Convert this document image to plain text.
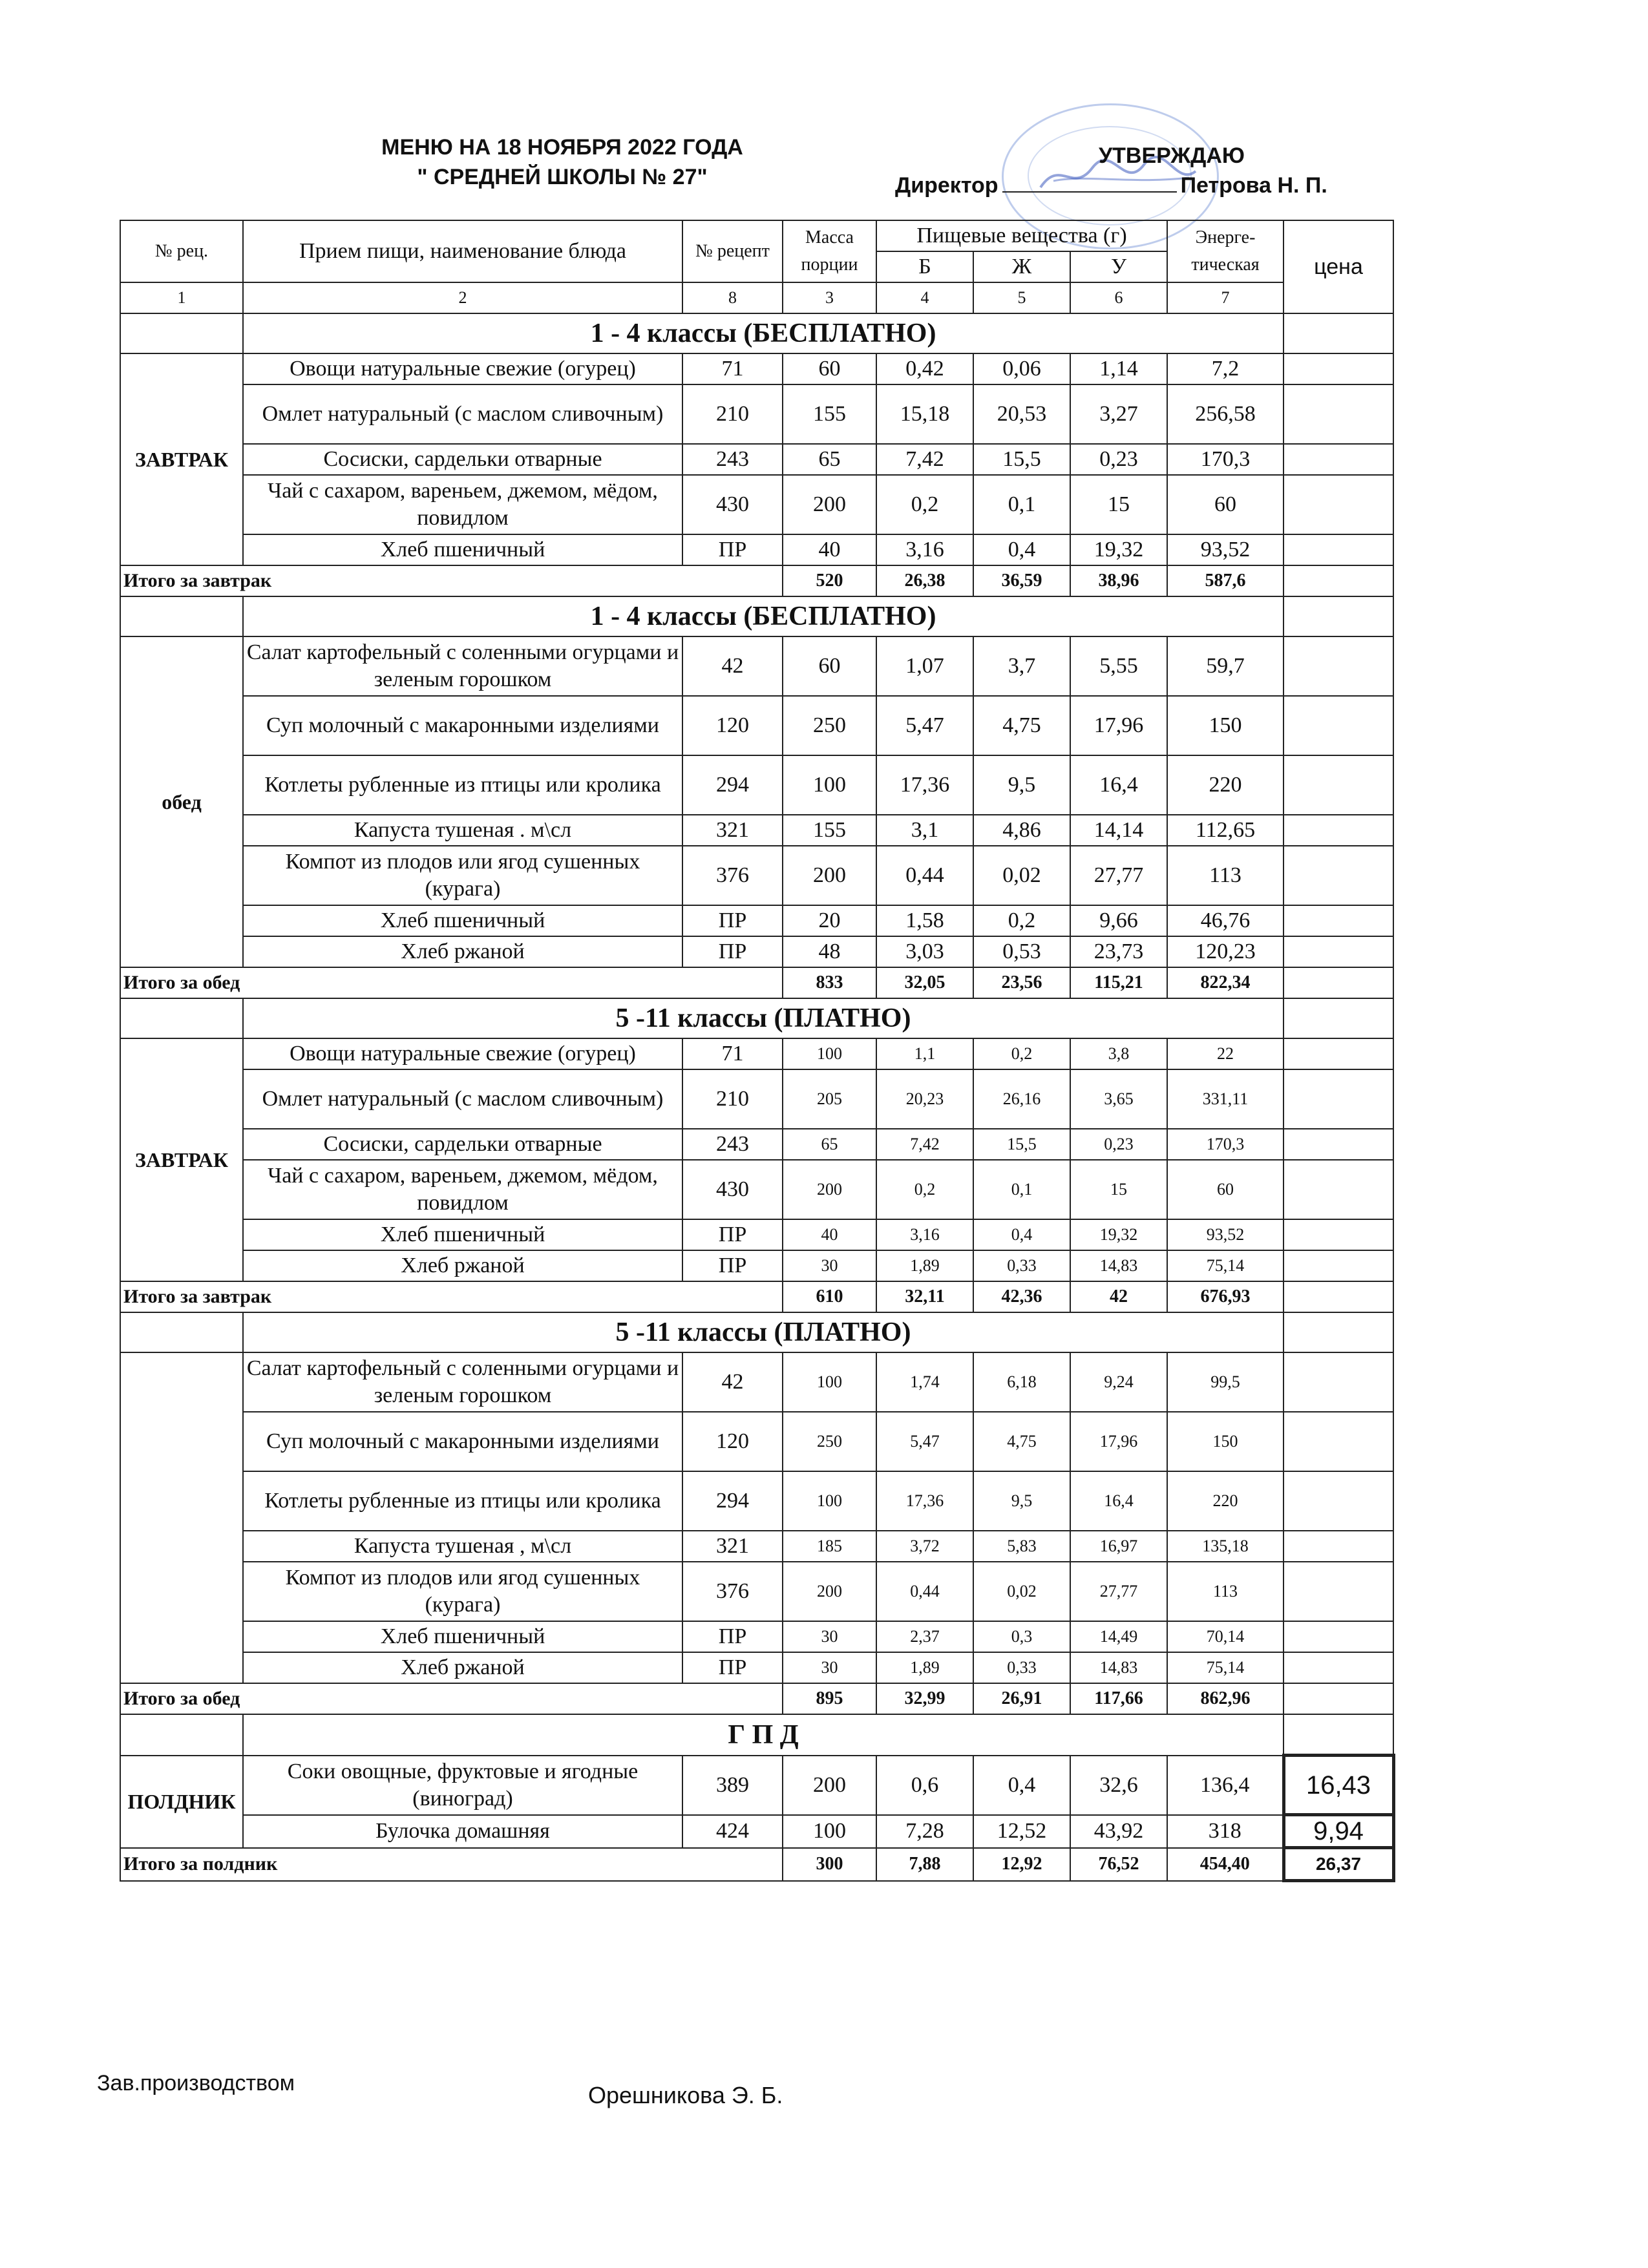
МЕНЮ НА 18 НОЯБРЯ 2022 ГОДА
" СРЕДНЕЙ ШКОЛЫ № 27"
УТВЕРЖДАЮ
Директор	Петрова Н. П.
№ рец.	Прием пищи, наименование блюда	№ рецепт	Масса порции	Пищевые вещества (г)			Энерге-тическая	цена
				Б	Ж	У		
1	2	8	3	4	5	6	7	
	1 - 4 классы (БЕСПЛАТНО)							
ЗАВТРАК	Овощи натуральные свежие (огурец)	71	60	0,42	0,06	1,14	7,2	
	Омлет натуральный (с маслом сливочным)	210	155	15,18	20,53	3,27	256,58	
	Сосиски, сардельки отварные	243	65	7,42	15,5	0,23	170,3	
	Чай с сахаром, вареньем, джемом, мёдом, повидлом	430	200	0,2	0,1	15	60	
	Хлеб пшеничный	ПР	40	3,16	0,4	19,32	93,52	
Итого за завтрак			520	26,38	36,59	38,96	587,6	
	1 - 4 классы (БЕСПЛАТНО)							
обед	Салат картофельный с соленными огурцами и зеленым горошком	42	60	1,07	3,7	5,55	59,7	
	Суп молочный с макаронными изделиями	120	250	5,47	4,75	17,96	150	
	Котлеты рубленные из птицы или кролика	294	100	17,36	9,5	16,4	220	
	Капуста тушеная . м\сл	321	155	3,1	4,86	14,14	112,65	
	Компот из плодов или ягод сушенных (курага)	376	200	0,44	0,02	27,77	113	
	Хлеб пшеничный	ПР	20	1,58	0,2	9,66	46,76	
	Хлеб ржаной	ПР	48	3,03	0,53	23,73	120,23	
Итого за обед			833	32,05	23,56	115,21	822,34	
	5 -11 классы (ПЛАТНО)							
ЗАВТРАК	Овощи натуральные свежие (огурец)	71	100	1,1	0,2	3,8	22	
	Омлет натуральный (с маслом сливочным)	210	205	20,23	26,16	3,65	331,11	
	Сосиски, сардельки отварные	243	65	7,42	15,5	0,23	170,3	
	Чай с сахаром, вареньем, джемом, мёдом, повидлом	430	200	0,2	0,1	15	60	
	Хлеб пшеничный	ПР	40	3,16	0,4	19,32	93,52	
	Хлеб ржаной	ПР	30	1,89	0,33	14,83	75,14	
Итого за завтрак			610	32,11	42,36	42	676,93	
	5 -11 классы (ПЛАТНО)							
	Салат картофельный с соленными огурцами и зеленым горошком	42	100	1,74	6,18	9,24	99,5	
	Суп молочный с макаронными изделиями	120	250	5,47	4,75	17,96	150	
	Котлеты рубленные из птицы или кролика	294	100	17,36	9,5	16,4	220	
	Капуста тушеная , м\сл	321	185	3,72	5,83	16,97	135,18	
	Компот из плодов или ягод сушенных (курага)	376	200	0,44	0,02	27,77	113	
	Хлеб пшеничный	ПР	30	2,37	0,3	14,49	70,14	
	Хлеб ржаной	ПР	30	1,89	0,33	14,83	75,14	
Итого за обед			895	32,99	26,91	117,66	862,96	
	Г П Д							
ПОЛДНИК	Соки овощные, фруктовые и ягодные (виноград)	389	200	0,6	0,4	32,6	136,4	16,43
	Булочка домашняя	424	100	7,28	12,52	43,92	318	9,94
Итого за полдник			300	7,88	12,92	76,52	454,40	26,37
Зав.производством	Орешникова Э. Б.
